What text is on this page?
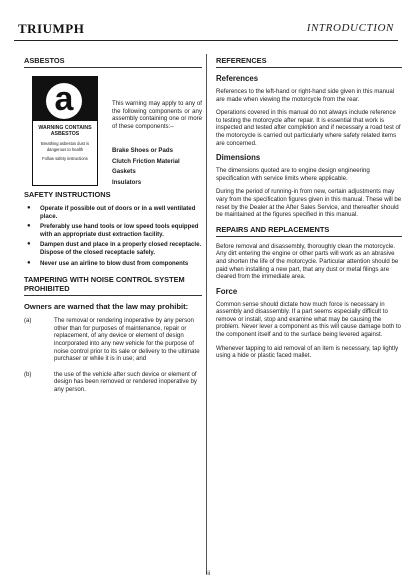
TRIUMPH	INTRODUCTION
ASBESTOS
a
WARNING CONTAINS ASBESTOS
Breathing asbestos dust is dangerous to health
Follow safety instructions
This warning may apply to any of the following components or any assembly containing one or more of these components:–
Brake Shoes or Pads
Clutch Friction Material
Gaskets
Insulators
SAFETY INSTRUCTIONS
● Operate if possible out of doors or in a well ventilated place.
● Preferably use hand tools or low speed tools equipped with an appropriate dust extraction facility.
● Dampen dust and place in a properly closed receptacle. Dispose of the closed receptacle safely.
● Never use an airline to blow dust from components
TAMPERING WITH NOISE CONTROL SYSTEM PROHIBITED
Owners are warned that the law may prohibit:
(a)	The removal or rendering inoperative by any person other than for purposes of maintenance, repair or replacement, of any device or element of design incorporated into any new vehicle for the purpose of noise control prior to its sale or delivery to the ultimate purchaser or while it is in use; and
(b)	the use of the vehicle after such device or element of design has been removed or rendered inoperative by any person.
REFERENCES
References

References to the left-hand or right-hand side given in this manual are made when viewing the motorcycle from the rear.

Operations covered in this manual do not always include reference to testing the motorcycle after repair. It is essential that work is inspected and tested after completion and if necessary a road test of the motorcycle is carried out particularly where safety related items are concerned.

Dimensions

The dimensions quoted are to engine design engineering specification with service limits where applicable.

During the period of running-in from new, certain adjustments may vary from the specification figures given in this manual. These will be reset by the Dealer at the After Sales Service, and thereafter should be maintained at the figures specified in this manual.

REPAIRS AND REPLACEMENTS

Before removal and disassembly, thoroughly clean the motorcycle. Any dirt entering the engine or other parts will work as an abrasive and shorten the life of the motorcycle. Particular attention should be paid when installing a new part, that any dust or metal filings are cleared from the immediate area.

Force

Common sense should dictate how much force is necessary in assembly and disassembly. If a part seems especially difficult to remove or install, stop and examine what may be causing the problem. Never lever a component as this will cause damage both to the component itself and to the surface being levered against.

Whenever tapping to aid removal of an item is necessary, tap lightly using a hide or plastic faced mallet.

iii
